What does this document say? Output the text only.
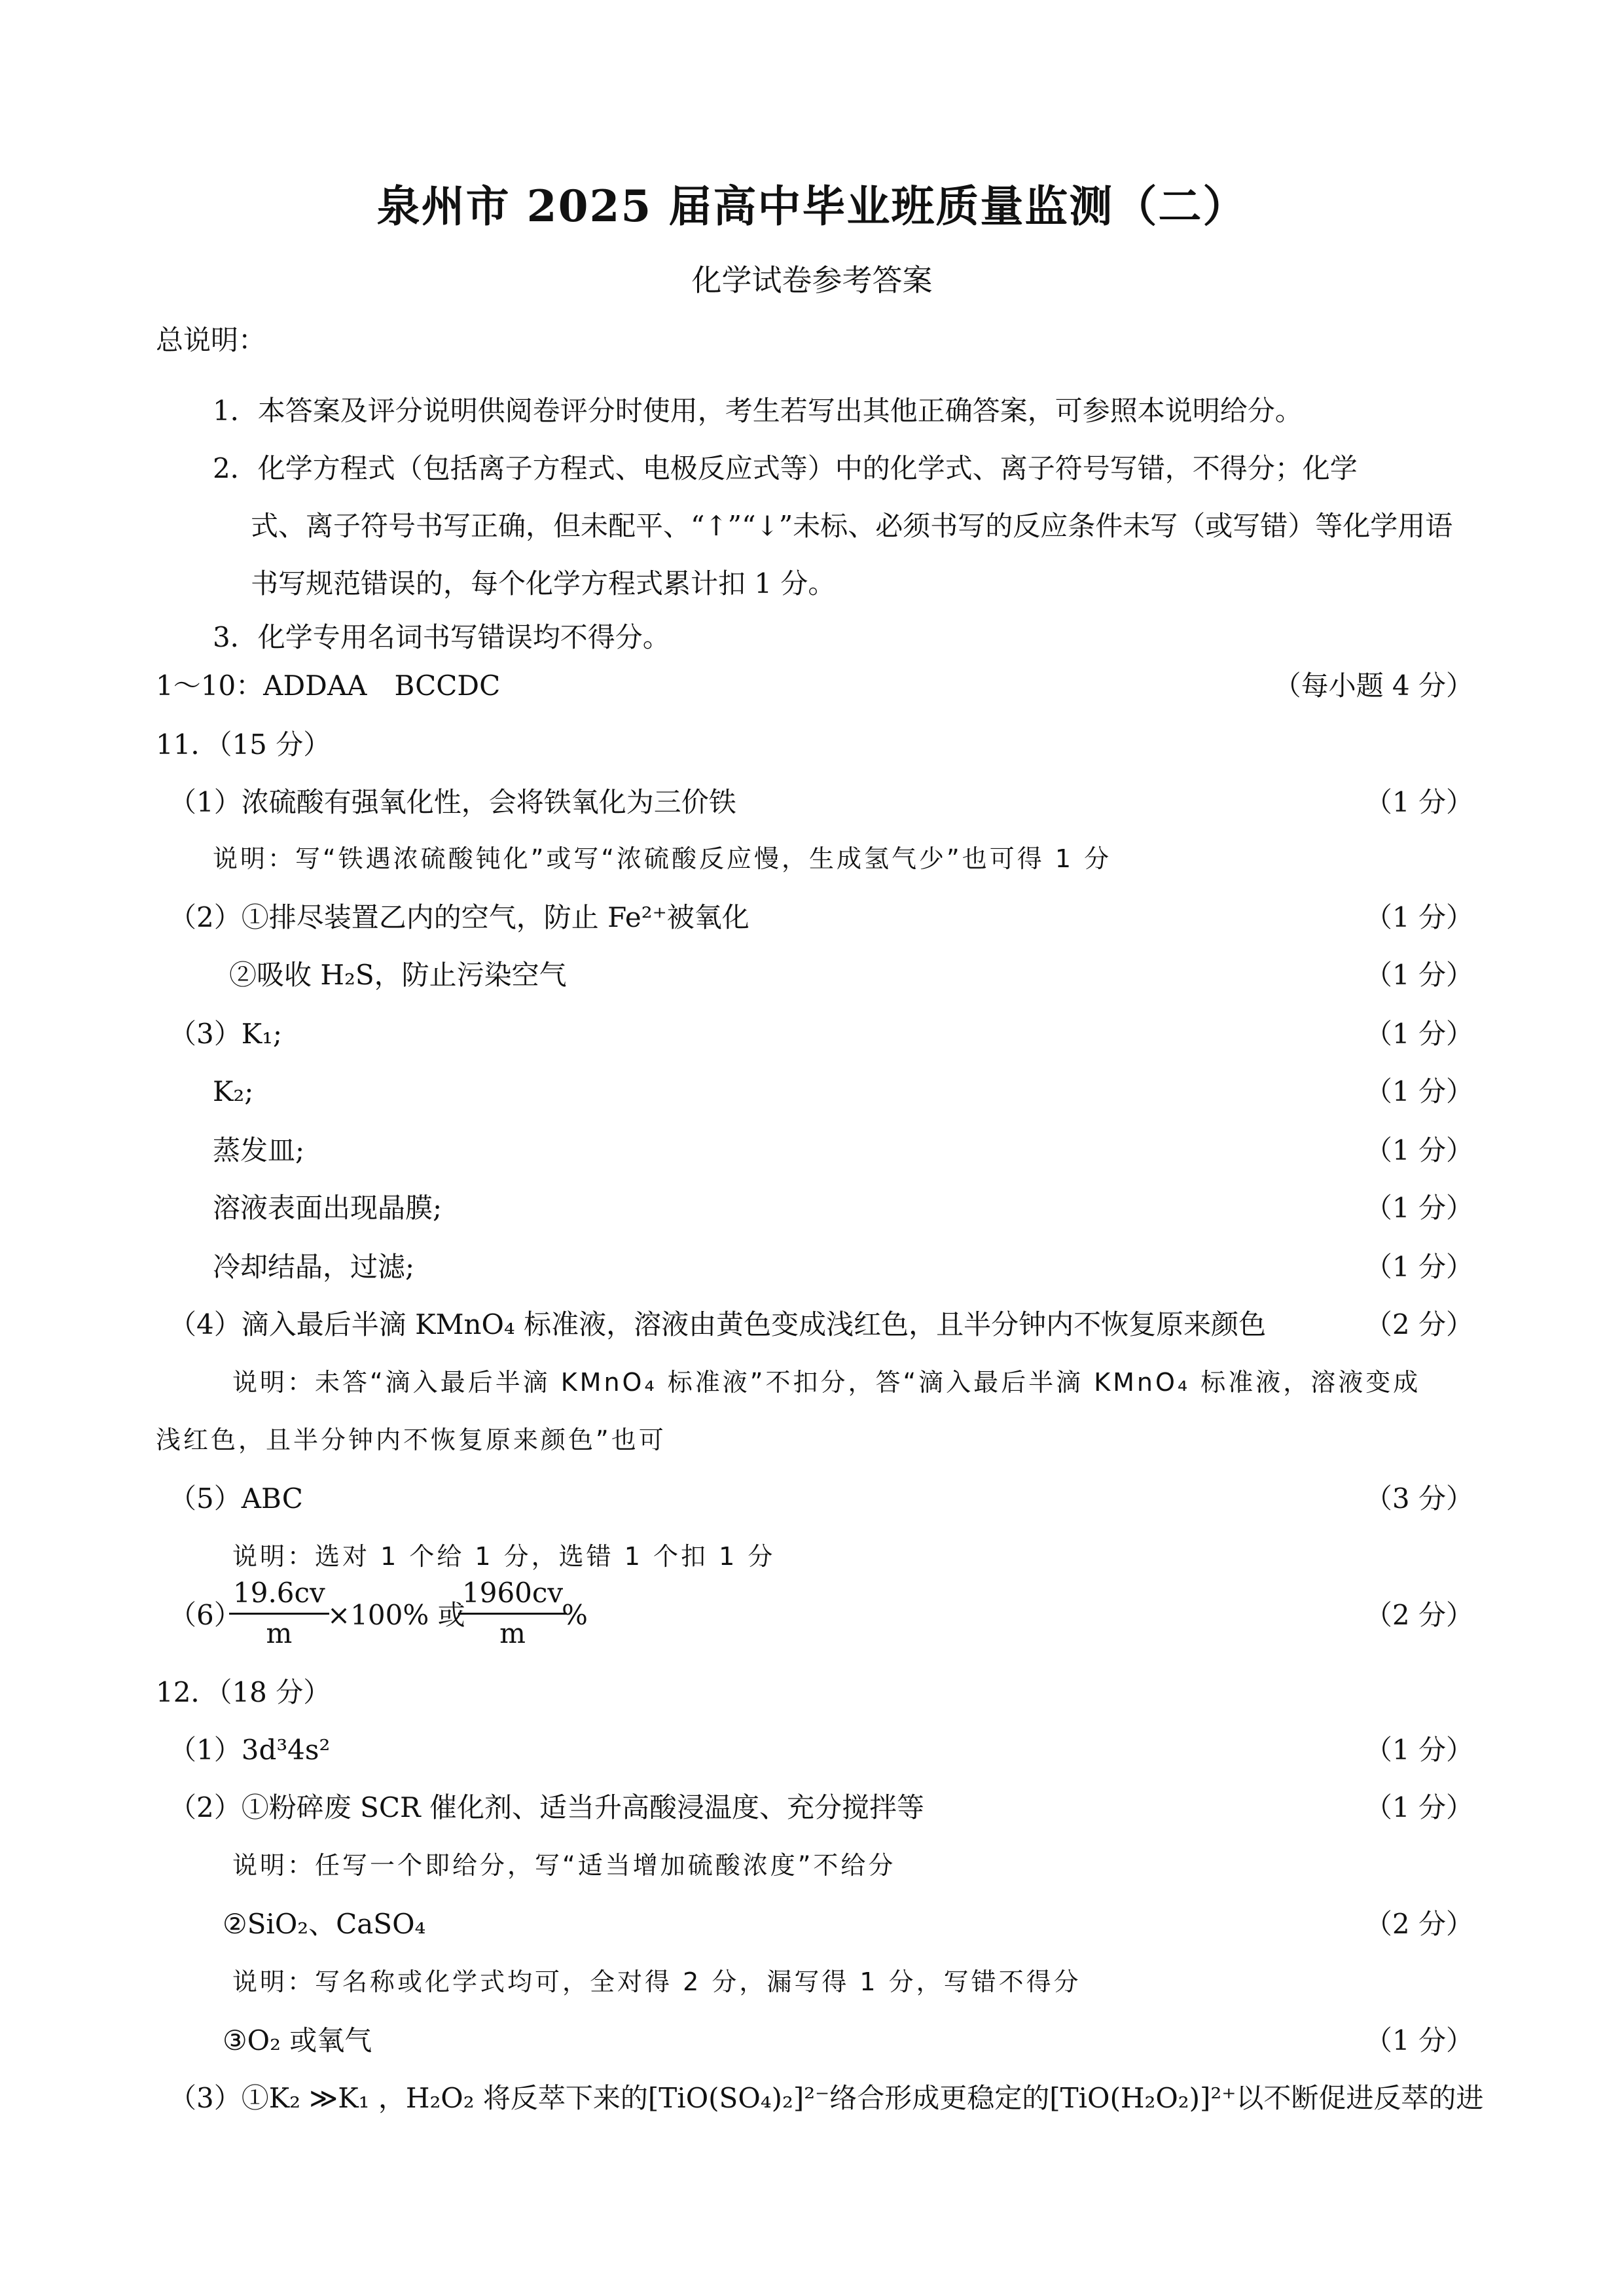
泉州市 2025 届高中毕业班质量监测（二）
化学试卷参考答案
总说明：
1．本答案及评分说明供阅卷评分时使用，考生若写出其他正确答案，可参照本说明给分。
2．化学方程式（包括离子方程式、电极反应式等）中的化学式、离子符号写错，不得分；化学
式、离子符号书写正确，但未配平、“↑”“↓”未标、必须书写的反应条件未写（或写错）等化学用语
书写规范错误的，每个化学方程式累计扣 1 分。
3．化学专用名词书写错误均不得分。
1～10：ADDAA　BCCDC	（每小题 4 分）
11．（15 分）
（1）浓硫酸有强氧化性，会将铁氧化为三价铁	（1 分）
说明：写“铁遇浓硫酸钝化”或写“浓硫酸反应慢，生成氢气少”也可得 1 分
（2）①排尽装置乙内的空气，防止 Fe²⁺被氧化	（1 分）
②吸收 H₂S，防止污染空气	（1 分）
（3）K₁;	（1 分）
K₂;	（1 分）
蒸发皿;	（1 分）
溶液表面出现晶膜;	（1 分）
冷却结晶，过滤;	（1 分）
（4）滴入最后半滴 KMnO₄ 标准液，溶液由黄色变成浅红色，且半分钟内不恢复原来颜色	（2 分）
说明：未答“滴入最后半滴 KMnO₄ 标准液”不扣分，答“滴入最后半滴 KMnO₄ 标准液，溶液变成
浅红色，且半分钟内不恢复原来颜色”也可
（5）ABC	（3 分）
说明：选对 1 个给 1 分，选错 1 个扣 1 分
（6）
$\frac{19.6cv}{m}$
×100% 或
$\frac{1960cv}{m}$
%	（2 分）
12．（18 分）
（1）3d³4s²	（1 分）
（2）①粉碎废 SCR 催化剂、适当升高酸浸温度、充分搅拌等	（1 分）
说明：任写一个即给分，写“适当增加硫酸浓度”不给分
②SiO₂、CaSO₄	（2 分）
说明：写名称或化学式均可，全对得 2 分，漏写得 1 分，写错不得分
③O₂ 或氧气	（1 分）
（3）①K₂ ≫K₁ ，H₂O₂ 将反萃下来的[TiO(SO₄)₂]²⁻络合形成更稳定的[TiO(H₂O₂)]²⁺以不断促进反萃的进
